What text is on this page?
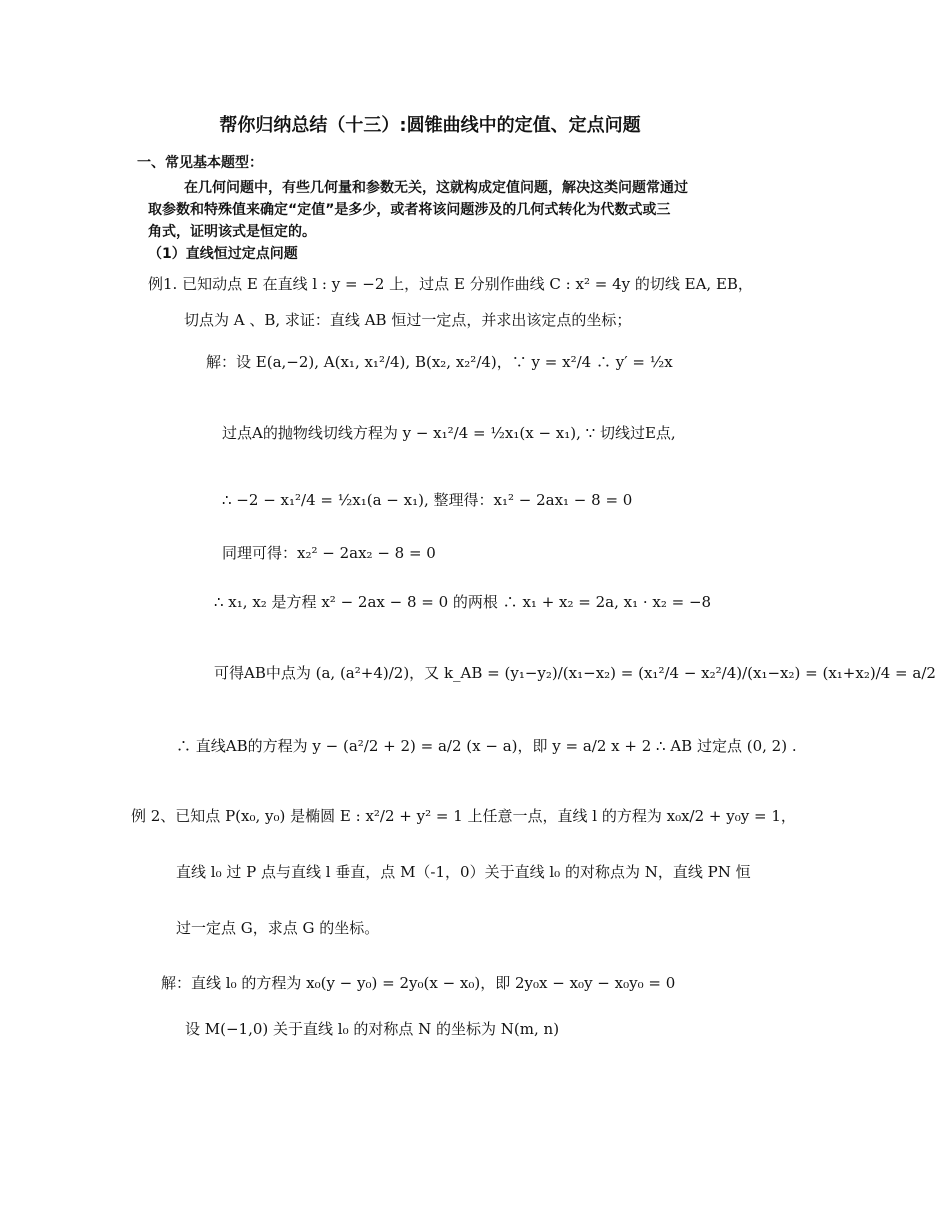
帮你归纳总结（十三）:圆锥曲线中的定值、定点问题
一、常见基本题型：
在几何问题中，有些几何量和参数无关，这就构成定值问题，解决这类问题常通过
取参数和特殊值来确定“定值”是多少，或者将该问题涉及的几何式转化为代数式或三
角式，证明该式是恒定的。
（1）直线恒过定点问题
例1. 已知动点 E 在直线 l : y = −2 上，过点 E 分别作曲线 C : x² = 4y 的切线 EA, EB，
切点为 A 、B, 求证：直线 AB 恒过一定点，并求出该定点的坐标；
解：设 E(a,−2), A(x₁, x₁²/4), B(x₂, x₂²/4)，∵ y = x²/4 ∴ y′ = ½x
过点A的抛物线切线方程为 y − x₁²/4 = ½x₁(x − x₁), ∵ 切线过E点,
∴ −2 − x₁²/4 = ½x₁(a − x₁), 整理得：x₁² − 2ax₁ − 8 = 0
同理可得：x₂² − 2ax₂ − 8 = 0
∴ x₁, x₂ 是方程 x² − 2ax − 8 = 0 的两根 ∴ x₁ + x₂ = 2a, x₁ · x₂ = −8
可得AB中点为 (a, (a²+4)/2)，又 k_AB = (y₁−y₂)/(x₁−x₂) = (x₁²/4 − x₂²/4)/(x₁−x₂) = (x₁+x₂)/4 = a/2
∴ 直线AB的方程为 y − (a²/2 + 2) = a/2 (x − a)，即 y = a/2 x + 2 ∴ AB 过定点 (0, 2) .
例 2、已知点 P(x₀, y₀) 是椭圆 E : x²/2 + y² = 1 上任意一点，直线 l 的方程为 x₀x/2 + y₀y = 1，
直线 l₀ 过 P 点与直线 l 垂直，点 M（-1，0）关于直线 l₀ 的对称点为 N，直线 PN 恒
过一定点 G，求点 G 的坐标。
解：直线 l₀ 的方程为 x₀(y − y₀) = 2y₀(x − x₀)，即 2y₀x − x₀y − x₀y₀ = 0
设 M(−1,0) 关于直线 l₀ 的对称点 N 的坐标为 N(m, n)
